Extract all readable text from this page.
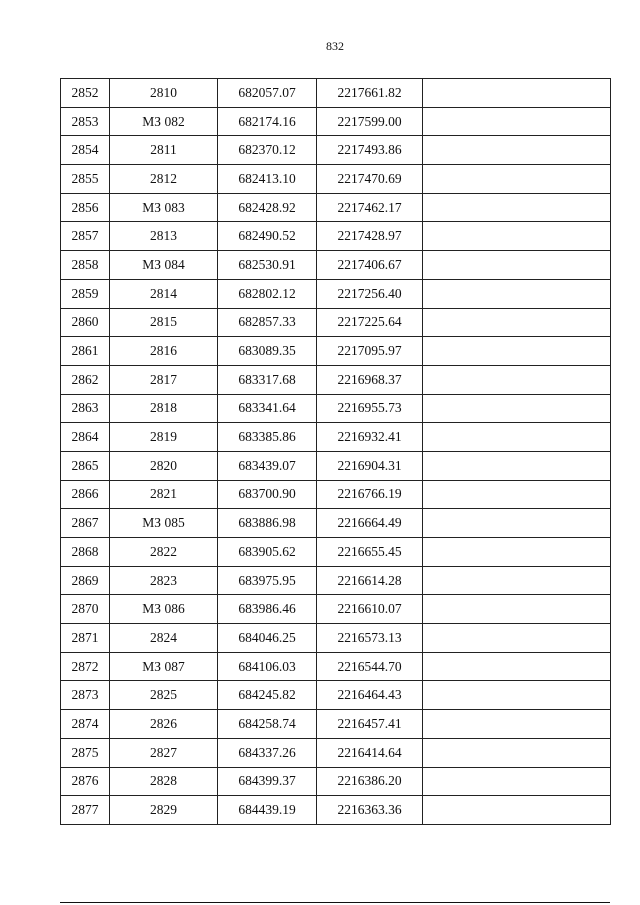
832
2852	2810	682057.07	2217661.82	
2853	МЗ 082	682174.16	2217599.00	
2854	2811	682370.12	2217493.86	
2855	2812	682413.10	2217470.69	
2856	МЗ 083	682428.92	2217462.17	
2857	2813	682490.52	2217428.97	
2858	МЗ 084	682530.91	2217406.67	
2859	2814	682802.12	2217256.40	
2860	2815	682857.33	2217225.64	
2861	2816	683089.35	2217095.97	
2862	2817	683317.68	2216968.37	
2863	2818	683341.64	2216955.73	
2864	2819	683385.86	2216932.41	
2865	2820	683439.07	2216904.31	
2866	2821	683700.90	2216766.19	
2867	МЗ 085	683886.98	2216664.49	
2868	2822	683905.62	2216655.45	
2869	2823	683975.95	2216614.28	
2870	МЗ 086	683986.46	2216610.07	
2871	2824	684046.25	2216573.13	
2872	МЗ 087	684106.03	2216544.70	
2873	2825	684245.82	2216464.43	
2874	2826	684258.74	2216457.41	
2875	2827	684337.26	2216414.64	
2876	2828	684399.37	2216386.20	
2877	2829	684439.19	2216363.36	
